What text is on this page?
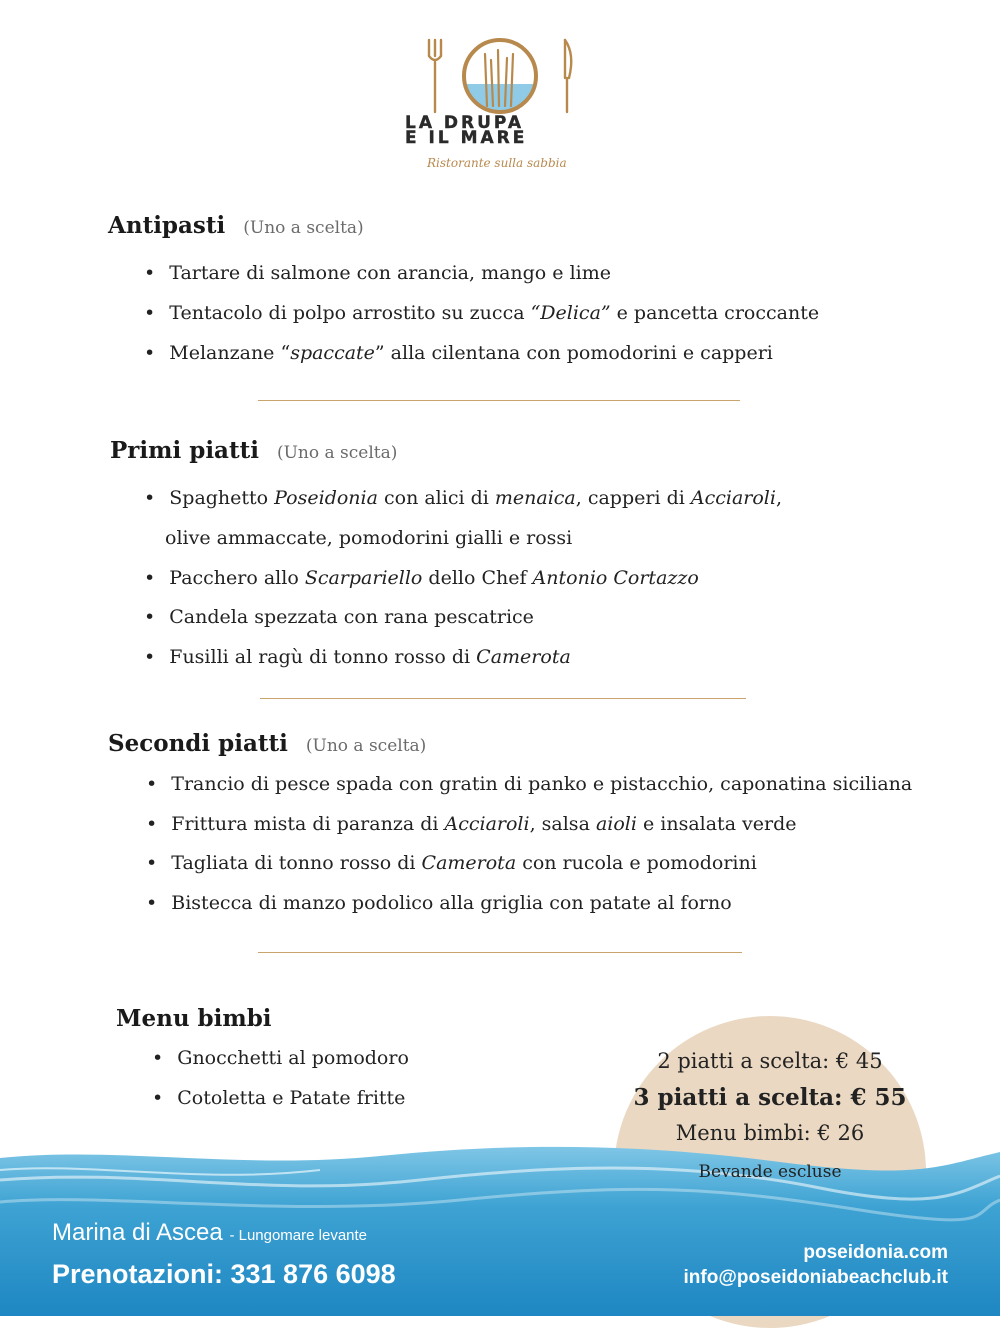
LA DRUPA
E IL MARE
Ristorante sulla sabbia
Antipasti (Uno a scelta)
• Tartare di salmone con arancia, mango e lime
• Tentacolo di polpo arrostito su zucca “Delica” e pancetta croccante
• Melanzane “spaccate” alla cilentana con pomodorini e capperi
Primi piatti (Uno a scelta)
• Spaghetto Poseidonia con alici di menaica, capperi di Acciaroli,
olive ammaccate, pomodorini gialli e rossi
• Pacchero allo Scarpariello dello Chef Antonio Cortazzo
• Candela spezzata con rana pescatrice
• Fusilli al ragù di tonno rosso di Camerota
Secondi piatti (Uno a scelta)
• Trancio di pesce spada con gratin di panko e pistacchio, caponatina siciliana
• Frittura mista di paranza di Acciaroli, salsa aioli e insalata verde
• Tagliata di tonno rosso di Camerota con rucola e pomodorini
• Bistecca di manzo podolico alla griglia con patate al forno
Menu bimbi
• Gnocchetti al pomodoro
• Cotoletta e Patate fritte
2 piatti a scelta: € 45
3 piatti a scelta: € 55
Menu bimbi: € 26
Bevande escluse
Marina di Ascea - Lungomare levante
Prenotazioni: 331 876 6098
poseidonia.com
info@poseidoniabeachclub.it
